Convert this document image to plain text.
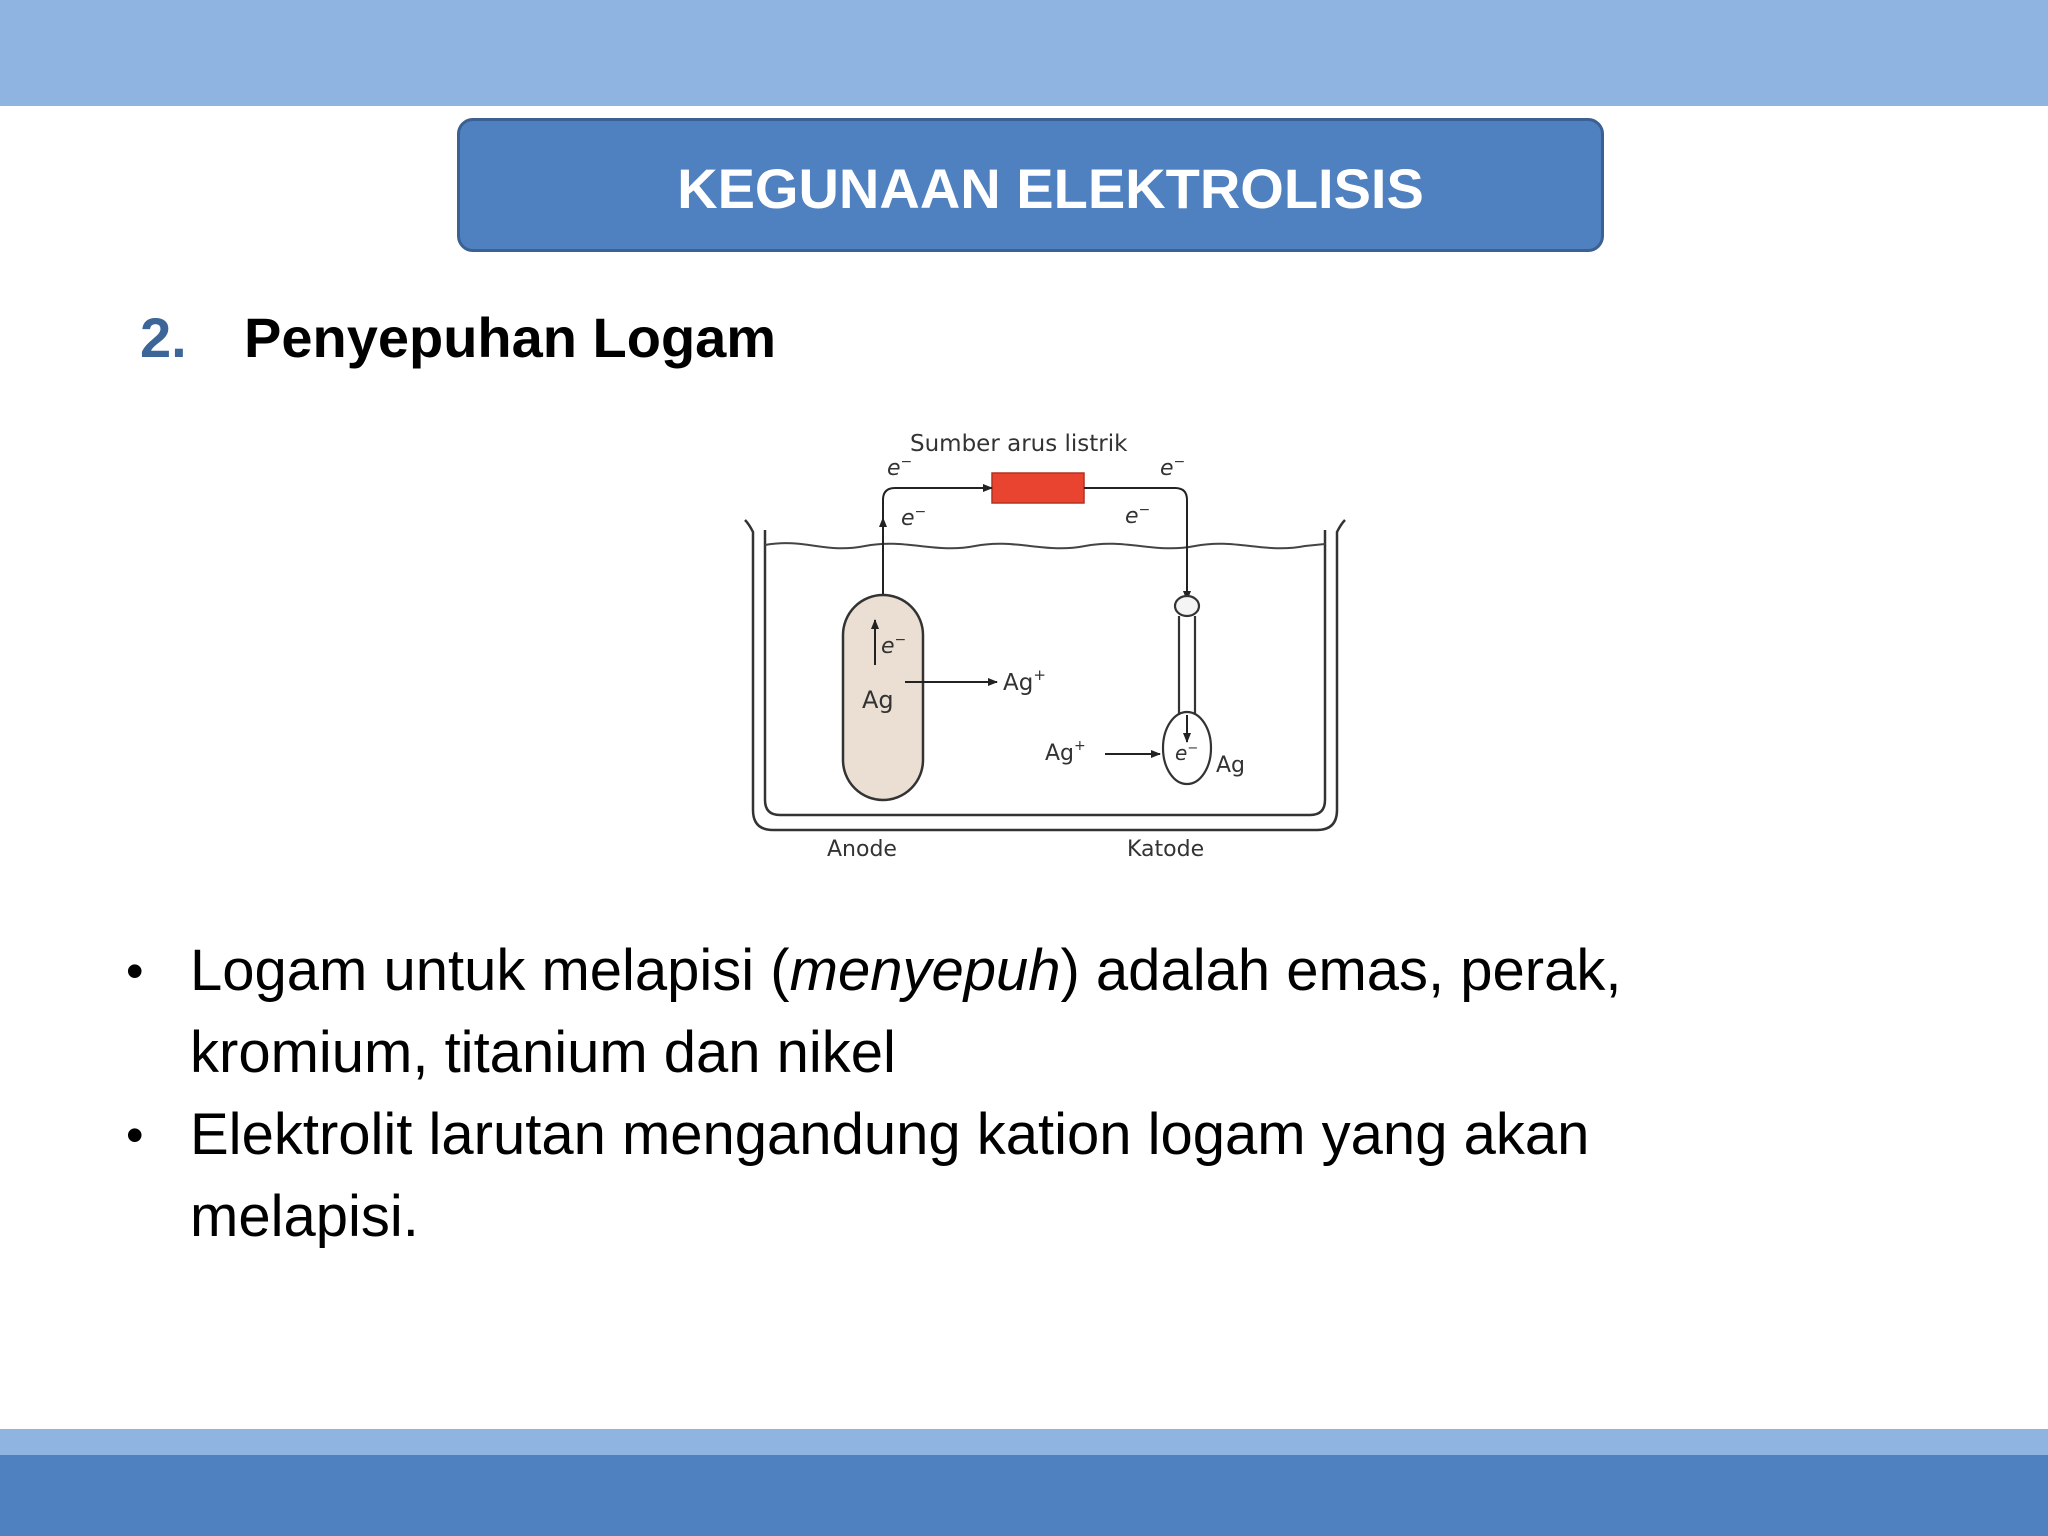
KEGUNAAN ELEKTROLISIS
2. Penyepuhan Logam
Sumber arus listrik
e−
e−
e−
e−
e−
Ag
Ag+
e−
Ag
Ag+
Anode	Katode
• Logam untuk melapisi (menyepuh) adalah emas, perak,
kromium, titanium dan nikel
• Elektrolit larutan mengandung kation logam yang akan
melapisi.
